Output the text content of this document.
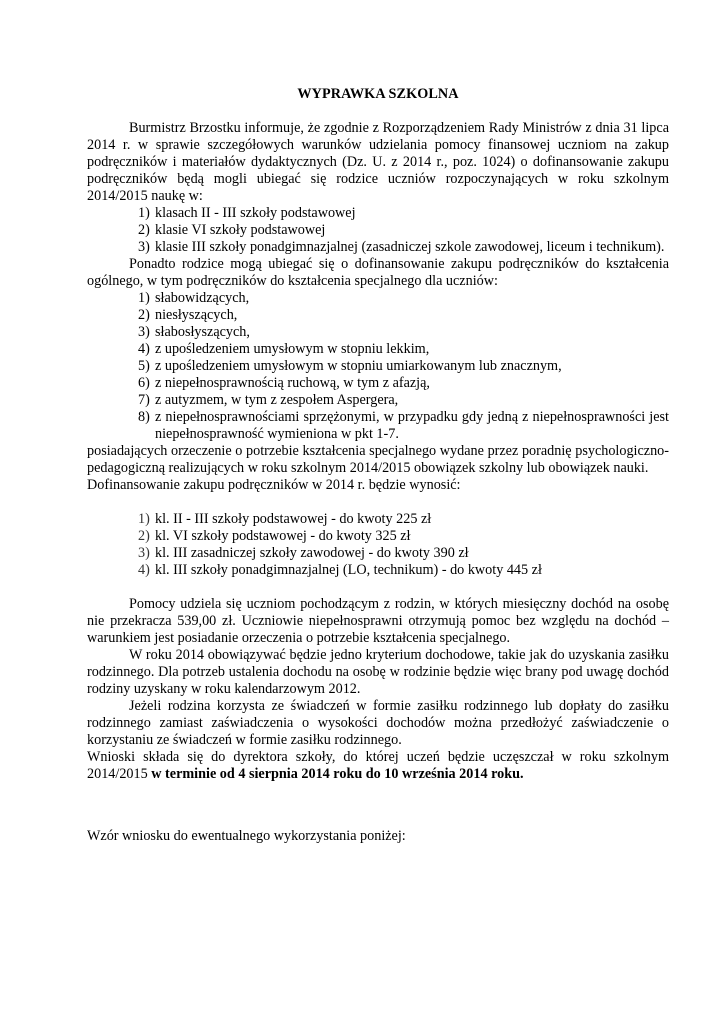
WYPRAWKA SZKOLNA

Burmistrz Brzostku informuje, że zgodnie z Rozporządzeniem Rady Ministrów z dnia 31 lipca 2014 r. w sprawie szczegółowych warunków udzielania pomocy finansowej uczniom na zakup podręczników i materiałów dydaktycznych (Dz. U. z 2014 r., poz. 1024) o dofinansowanie zakupu podręczników będą mogli ubiegać się rodzice uczniów rozpoczynających w roku szkolnym 2014/2015 naukę w:

1) klasach II - III szkoły podstawowej
2) klasie VI szkoły podstawowej
3) klasie III szkoły ponadgimnazjalnej (zasadniczej szkole zawodowej, liceum i technikum).

Ponadto rodzice mogą ubiegać się o dofinansowanie zakupu podręczników do kształcenia ogólnego, w tym podręczników do kształcenia specjalnego dla uczniów:

1) słabowidzących,
2) niesłyszących,
3) słabosłyszących,
4) z upośledzeniem umysłowym w stopniu lekkim,
5) z upośledzeniem umysłowym w stopniu umiarkowanym lub znacznym,
6) z niepełnosprawnością ruchową, w tym z afazją,
7) z autyzmem, w tym z zespołem Aspergera,
8) z niepełnosprawnościami sprzężonymi, w przypadku gdy jedną z niepełnosprawności jest niepełnosprawność wymieniona w pkt 1-7.

posiadających orzeczenie o potrzebie kształcenia specjalnego wydane przez poradnię psychologiczno-pedagogiczną realizujących w roku szkolnym 2014/2015 obowiązek szkolny lub obowiązek nauki.

Dofinansowanie zakupu podręczników w 2014 r. będzie wynosić:

1) kl. II - III szkoły podstawowej - do kwoty 225 zł
2) kl. VI szkoły podstawowej - do kwoty 325 zł
3) kl. III zasadniczej szkoły zawodowej - do kwoty 390 zł
4) kl. III szkoły ponadgimnazjalnej (LO, technikum) - do kwoty 445 zł

Pomocy udziela się uczniom pochodzącym z rodzin, w których miesięczny dochód na osobę nie przekracza 539,00 zł. Uczniowie niepełnosprawni otrzymują pomoc bez względu na dochód – warunkiem jest posiadanie orzeczenia o potrzebie kształcenia specjalnego.

W roku 2014 obowiązywać będzie jedno kryterium dochodowe, takie jak do uzyskania zasiłku rodzinnego. Dla potrzeb ustalenia dochodu na osobę w rodzinie będzie więc brany pod uwagę dochód rodziny uzyskany w roku kalendarzowym 2012.

Jeżeli rodzina korzysta ze świadczeń w formie zasiłku rodzinnego lub dopłaty do zasiłku rodzinnego zamiast zaświadczenia o wysokości dochodów można przedłożyć zaświadczenie o korzystaniu ze świadczeń w formie zasiłku rodzinnego.

Wnioski składa się do dyrektora szkoły, do której uczeń będzie uczęszczał w roku szkolnym 2014/2015 w terminie od 4 sierpnia 2014 roku do 10 września 2014 roku.

Wzór wniosku do ewentualnego wykorzystania poniżej:
